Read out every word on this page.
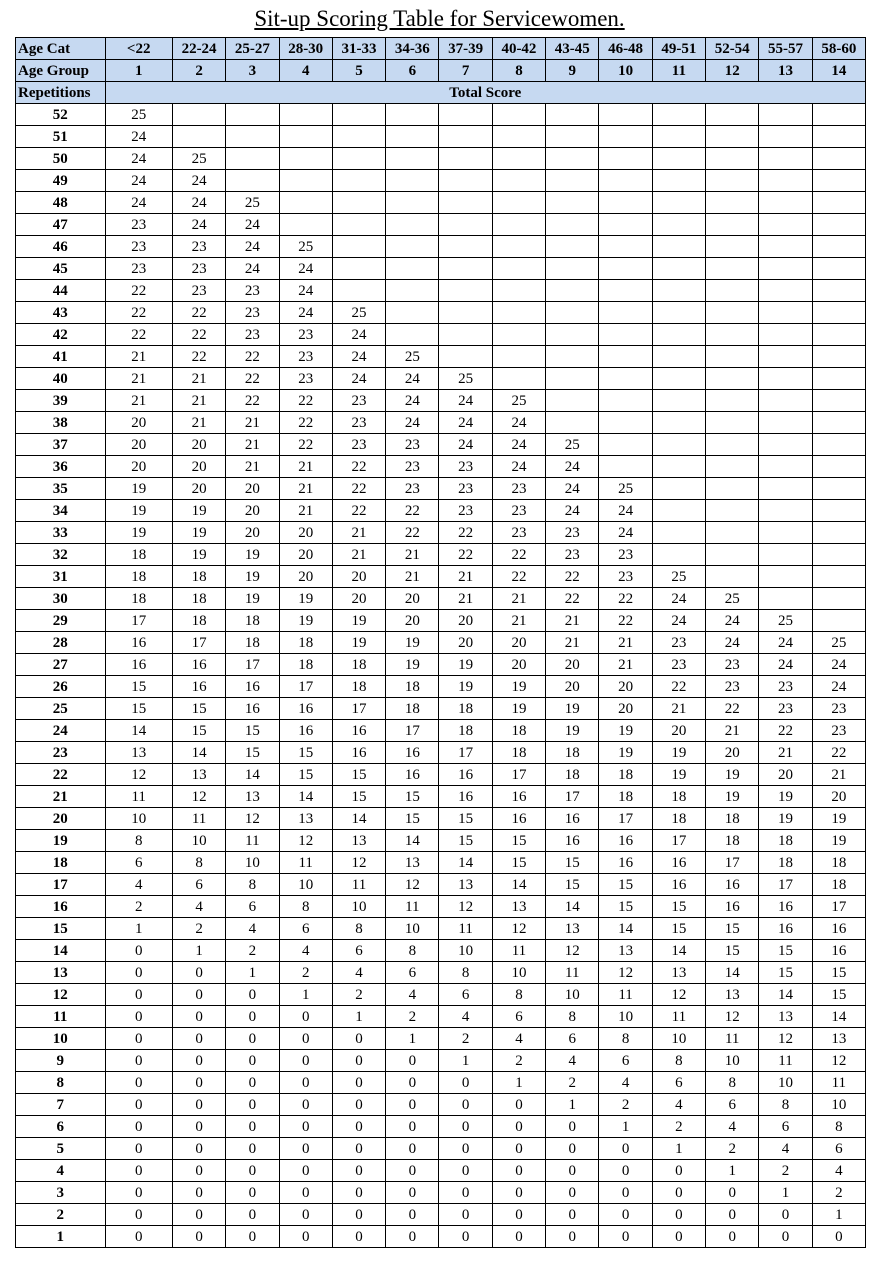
Sit-up Scoring Table for Servicewomen.
Age Cat	<22	22-24	25-27	28-30	31-33	34-36	37-39	40-42	43-45	46-48	49-51	52-54	55-57	58-60
Age Group	1	2	3	4	5	6	7	8	9	10	11	12	13	14
Repetitions	Total Score													
52	25													
51	24													
50	24	25												
49	24	24												
48	24	24	25											
47	23	24	24											
46	23	23	24	25										
45	23	23	24	24										
44	22	23	23	24										
43	22	22	23	24	25									
42	22	22	23	23	24									
41	21	22	22	23	24	25								
40	21	21	22	23	24	24	25							
39	21	21	22	22	23	24	24	25						
38	20	21	21	22	23	24	24	24						
37	20	20	21	22	23	23	24	24	25					
36	20	20	21	21	22	23	23	24	24					
35	19	20	20	21	22	23	23	23	24	25				
34	19	19	20	21	22	22	23	23	24	24				
33	19	19	20	20	21	22	22	23	23	24				
32	18	19	19	20	21	21	22	22	23	23				
31	18	18	19	20	20	21	21	22	22	23	25			
30	18	18	19	19	20	20	21	21	22	22	24	25		
29	17	18	18	19	19	20	20	21	21	22	24	24	25	
28	16	17	18	18	19	19	20	20	21	21	23	24	24	25
27	16	16	17	18	18	19	19	20	20	21	23	23	24	24
26	15	16	16	17	18	18	19	19	20	20	22	23	23	24
25	15	15	16	16	17	18	18	19	19	20	21	22	23	23
24	14	15	15	16	16	17	18	18	19	19	20	21	22	23
23	13	14	15	15	16	16	17	18	18	19	19	20	21	22
22	12	13	14	15	15	16	16	17	18	18	19	19	20	21
21	11	12	13	14	15	15	16	16	17	18	18	19	19	20
20	10	11	12	13	14	15	15	16	16	17	18	18	19	19
19	8	10	11	12	13	14	15	15	16	16	17	18	18	19
18	6	8	10	11	12	13	14	15	15	16	16	17	18	18
17	4	6	8	10	11	12	13	14	15	15	16	16	17	18
16	2	4	6	8	10	11	12	13	14	15	15	16	16	17
15	1	2	4	6	8	10	11	12	13	14	15	15	16	16
14	0	1	2	4	6	8	10	11	12	13	14	15	15	16
13	0	0	1	2	4	6	8	10	11	12	13	14	15	15
12	0	0	0	1	2	4	6	8	10	11	12	13	14	15
11	0	0	0	0	1	2	4	6	8	10	11	12	13	14
10	0	0	0	0	0	1	2	4	6	8	10	11	12	13
9	0	0	0	0	0	0	1	2	4	6	8	10	11	12
8	0	0	0	0	0	0	0	1	2	4	6	8	10	11
7	0	0	0	0	0	0	0	0	1	2	4	6	8	10
6	0	0	0	0	0	0	0	0	0	1	2	4	6	8
5	0	0	0	0	0	0	0	0	0	0	1	2	4	6
4	0	0	0	0	0	0	0	0	0	0	0	1	2	4
3	0	0	0	0	0	0	0	0	0	0	0	0	1	2
2	0	0	0	0	0	0	0	0	0	0	0	0	0	1
1	0	0	0	0	0	0	0	0	0	0	0	0	0	0
